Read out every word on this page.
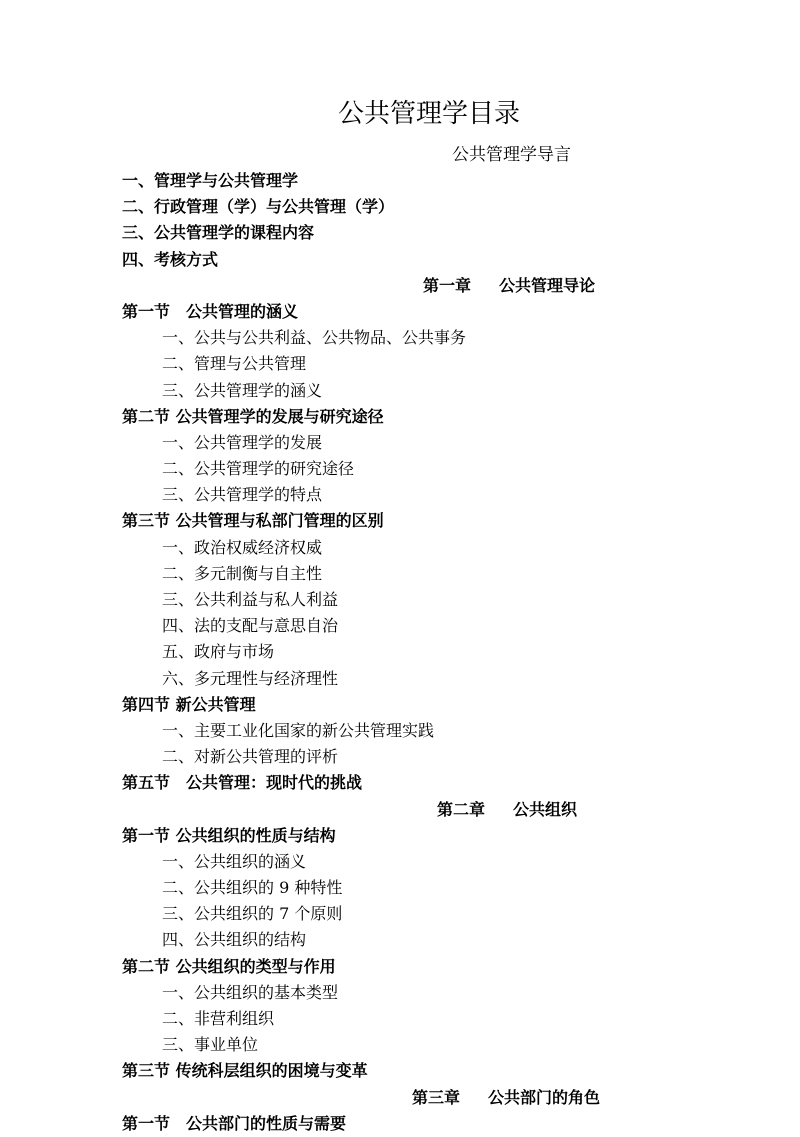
公共管理学目录
公共管理学导言
一、管理学与公共管理学
二、行政管理（学）与公共管理（学）
三、公共管理学的课程内容
四、考核方式
第一章 公共管理导论
第一节　公共管理的涵义
一、公共与公共利益、公共物品、公共事务
二、管理与公共管理
三、公共管理学的涵义
第二节 公共管理学的发展与研究途径
一、公共管理学的发展
二、公共管理学的研究途径
三、公共管理学的特点
第三节 公共管理与私部门管理的区别
一、政治权威经济权威
二、多元制衡与自主性
三、公共利益与私人利益
四、法的支配与意思自治
五、政府与市场
六、多元理性与经济理性
第四节 新公共管理
一、主要工业化国家的新公共管理实践
二、对新公共管理的评析
第五节　公共管理：现时代的挑战
第二章 公共组织
第一节 公共组织的性质与结构
一、公共组织的涵义
二、公共组织的 9 种特性
三、公共组织的 7 个原则
四、公共组织的结构
第二节 公共组织的类型与作用
一、公共组织的基本类型
二、非营利组织
三、事业单位
第三节 传统科层组织的困境与变革
第三章 公共部门的角色
第一节　公共部门的性质与需要
